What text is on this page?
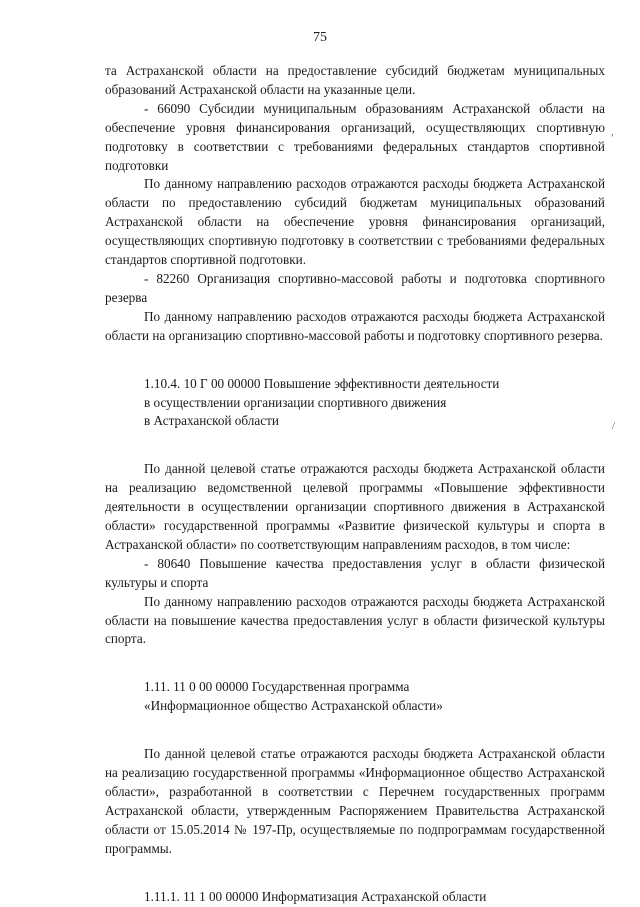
75

та Астраханской области на предоставление субсидий бюджетам муниципальных образований Астраханской области на указанные цели.

- 66090 Субсидии муниципальным образованиям Астраханской области на обеспечение уровня финансирования организаций, осуществляющих спортивную подготовку в соответствии с требованиями федеральных стандартов спортивной подготовки

По данному направлению расходов отражаются расходы бюджета Астраханской области по предоставлению субсидий бюджетам муниципальных образований Астраханской области на обеспечение уровня финансирования организаций, осуществляющих спортивную подготовку в соответствии с требованиями федеральных стандартов спортивной подготовки.

- 82260 Организация спортивно-массовой работы и подготовка спортивного резерва

По данному направлению расходов отражаются расходы бюджета Астраханской области на организацию спортивно-массовой работы и подготовку спортивного резерва.

1.10.4. 10 Г 00 00000 Повышение эффективности деятельности

в осуществлении организации спортивного движения

в Астраханской области

По данной целевой статье отражаются расходы бюджета Астраханской области на реализацию ведомственной целевой программы «Повышение эффективности деятельности в осуществлении организации спортивного движения в Астраханской области» государственной программы «Развитие физической культуры и спорта в Астраханской области» по соответствующим направлениям расходов, в том числе:

- 80640 Повышение качества предоставления услуг в области физической культуры и спорта

По данному направлению расходов отражаются расходы бюджета Астраханской области на повышение качества предоставления услуг в области физической культуры спорта.

1.11. 11 0 00 00000 Государственная программа

«Информационное общество Астраханской области»

По данной целевой статье отражаются расходы бюджета Астраханской области на реализацию государственной программы «Информационное общество Астраханской области», разработанной в соответствии с Перечнем государственных программ Астраханской области, утвержденным Распоряжением Правительства Астраханской области от 15.05.2014 № 197-Пр, осуществляемые по подпрограммам государственной программы.

1.11.1. 11 1 00 00000 Информатизация Астраханской области

,
/
